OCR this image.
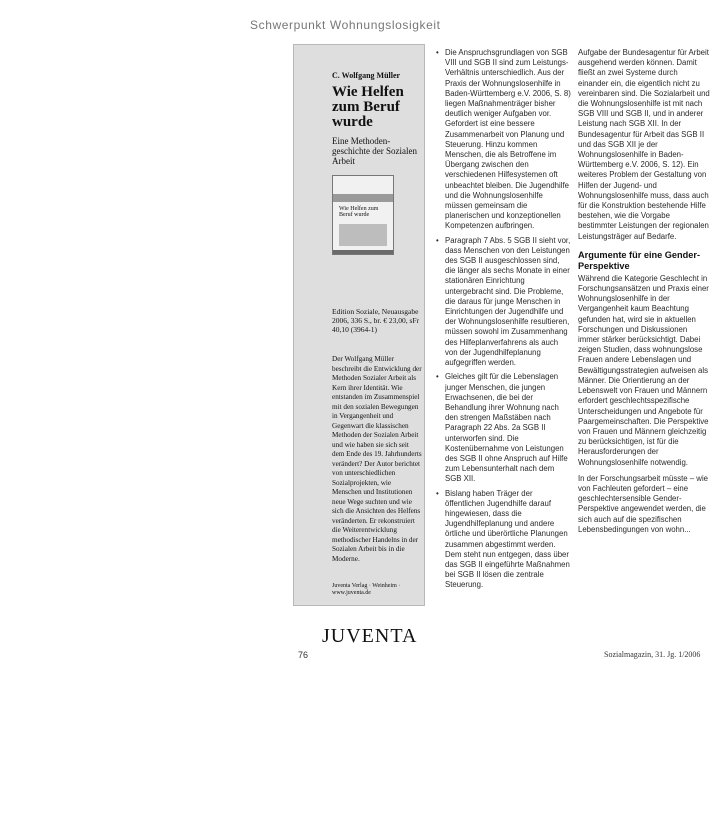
Schwerpunkt Wohnungslosigkeit
C. Wolfgang Müller
Wie Helfen zum Beruf wurde
Eine Methoden-geschichte der Sozialen Arbeit
Wie Helfen zum Beruf wurde
Edition Soziale, Neuausgabe 2006, 336 S., br. € 23,00, sFr 40,10 (3964-1)
Der Wolfgang Müller beschreibt die Entwicklung der Methoden Sozialer Arbeit als Kern ihrer Identität. Wie entstanden im Zusammenspiel mit den sozialen Bewegungen in Vergangenheit und Gegenwart die klassischen Methoden der Sozialen Arbeit und wie haben sie sich seit dem Ende des 19. Jahrhunderts verändert? Der Autor berichtet von unterschiedlichen Sozialprojekten, wie Menschen und Institutionen neue Wege suchten und wie sich die Ansichten des Helfens veränderten. Er rekonstruiert die Weiterentwicklung methodischer Handelns in der Sozialen Arbeit bis in die Moderne.
Juventa Verlag · Weinheim · www.juventa.de
JUVENTA
• Die Anspruchsgrundlagen von SGB VIII und SGB II sind zum Leistungs-Verhältnis unterschiedlich. Aus der Praxis der Wohnungslosenhilfe in Baden-Württemberg e.V. 2006, S. 8) liegen Maßnahmenträger bisher deutlich weniger Aufgaben vor. Gefordert ist eine bessere Zusammenarbeit von Planung und Steuerung. Hinzu kommen Menschen, die als Betroffene im Übergang zwischen den verschiedenen Hilfesystemen oft unbeachtet bleiben. Die Jugendhilfe und die Wohnungslosenhilfe müssen gemeinsam die planerischen und konzeptionellen Kompetenzen aufbringen.
• Paragraph 7 Abs. 5 SGB II sieht vor, dass Menschen von den Leistungen des SGB II ausgeschlossen sind, die länger als sechs Monate in einer stationären Einrichtung untergebracht sind. Die Probleme, die daraus für junge Menschen in Einrichtungen der Jugendhilfe und der Wohnungslosenhilfe resultieren, müssen sowohl im Zusammenhang des Hilfeplanverfahrens als auch von der Jugendhilfeplanung aufgegriffen werden.
• Gleiches gilt für die Lebenslagen junger Menschen, die jungen Erwachsenen, die bei der Behandlung ihrer Wohnung nach den strengen Maßstäben nach Paragraph 22 Abs. 2a SGB II unterworfen sind. Die Kostenübernahme von Leistungen des SGB II ohne Anspruch auf Hilfe zum Lebensunterhalt nach dem SGB XII.
• Bislang haben Träger der öffentlichen Jugendhilfe darauf hingewiesen, dass die Jugendhilfeplanung und andere örtliche und überörtliche Planungen zusammen abgestimmt werden. Dem steht nun entgegen, dass über das SGB II eingeführte Maßnahmen bei SGB II lösen die zentrale Steuerung.

Aufgabe der Bundesagentur für Arbeit ausgehend werden können. Damit fließt an zwei Systeme durch einander ein, die eigentlich nicht zu vereinbaren sind. Die Sozialarbeit und die Wohnungslosenhilfe ist mit nach SGB VIII und SGB II, und in anderer Leistung nach SGB XII. In der Bundesagentur für Arbeit das SGB II und das SGB XII je der Wohnungslosenhilfe in Baden-Württemberg e.V. 2006, S. 12). Ein weiteres Problem der Gestaltung von Hilfen der Jugend- und Wohnungslosenhilfe muss, dass auch für die Konstruktion bestehende Hilfe bestehen, wie die Vorgabe bestimmter Leistungen der regionalen Leistungsträger auf Bedarfe.

Argumente für eine Gender-Perspektive

Während die Kategorie Geschlecht in Forschungsansätzen und Praxis einer Wohnungslosenhilfe in der Vergangenheit kaum Beachtung gefunden hat, wird sie in aktuellen Forschungen und Diskussionen immer stärker berücksichtigt. Dabei zeigen Studien, dass wohnungslose Frauen andere Lebenslagen und Bewältigungsstrategien aufweisen als Männer. Die Orientierung an der Lebenswelt von Frauen und Männern erfordert geschlechtsspezifische Unterscheidungen und Angebote für Paargemeinschaften. Die Perspektive von Frauen und Männern gleichzeitig zu berücksichtigen, ist für die Herausforderungen der Wohnungslosenhilfe notwendig.

In der Forschungsarbeit müsste – wie von Fachleuten gefordert – eine geschlechtersensible Gender-Perspektive angewendet werden, die sich auch auf die spezifischen Lebensbedingungen von wohn...

76	Sozialmagazin, 31. Jg. 1/2006
